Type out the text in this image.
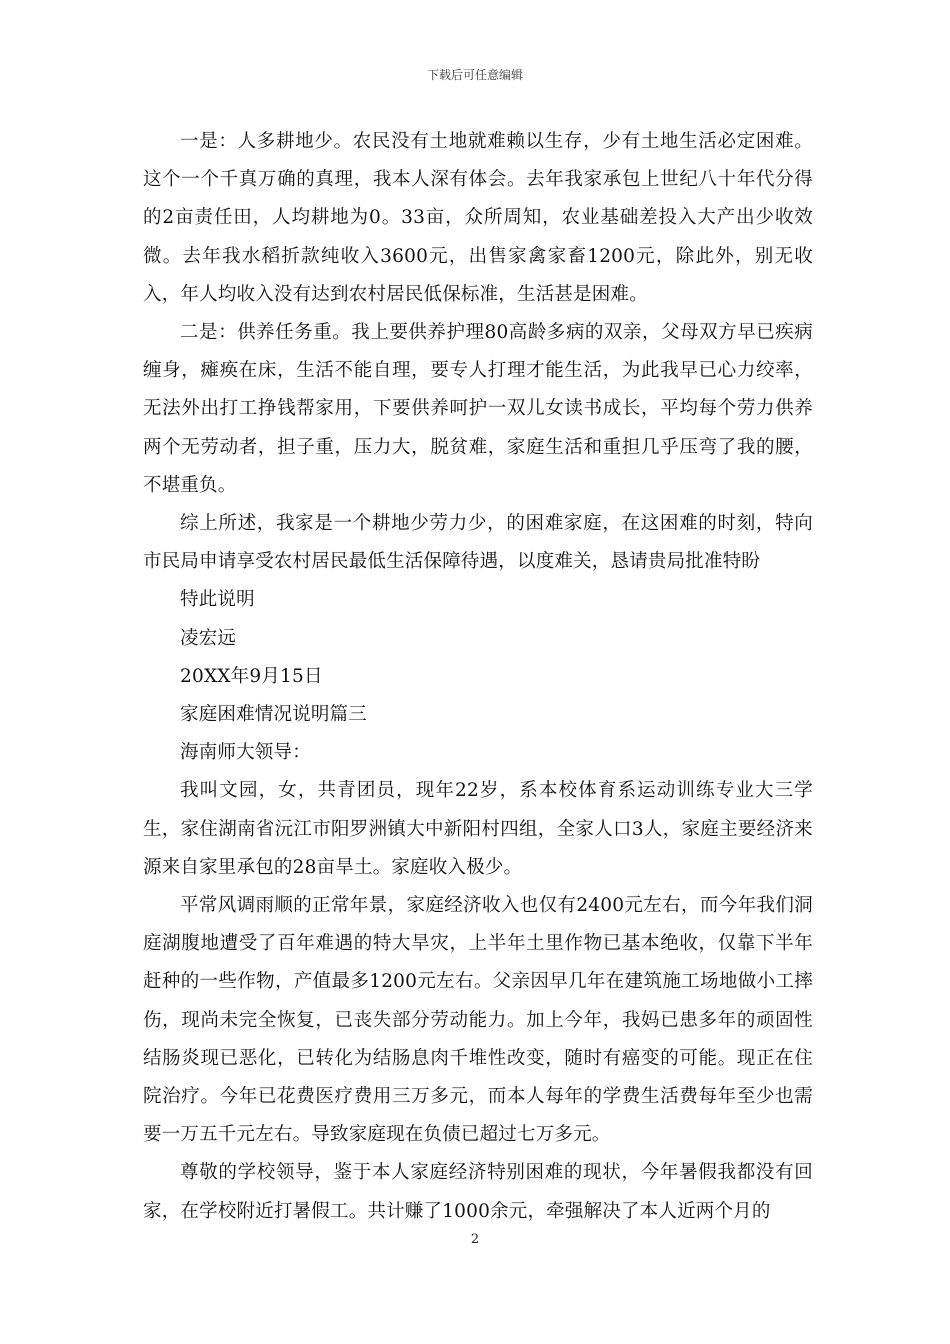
下载后可任意编辑

一是：人多耕地少。农民没有土地就难赖以生存，少有土地生活必定困难。这个一个千真万确的真理，我本人深有体会。去年我家承包上世纪八十年代分得的2亩责任田，人均耕地为0。33亩，众所周知，农业基础差投入大产出少收效微。去年我水稻折款纯收入3600元，出售家禽家畜1200元，除此外，别无收入，年人均收入没有达到农村居民低保标准，生活甚是困难。

二是：供养任务重。我上要供养护理80高龄多病的双亲，父母双方早已疾病缠身，瘫痪在床，生活不能自理，要专人打理才能生活，为此我早已心力绞率，无法外出打工挣钱帮家用，下要供养呵护一双儿女读书成长，平均每个劳力供养两个无劳动者，担子重，压力大，脱贫难，家庭生活和重担几乎压弯了我的腰，不堪重负。

综上所述，我家是一个耕地少劳力少，的困难家庭，在这困难的时刻，特向市民局申请享受农村居民最低生活保障待遇，以度难关，恳请贵局批准特盼

特此说明

凌宏远

20XX年9月15日

家庭困难情况说明篇三

海南师大领导：

我叫文园，女，共青团员，现年22岁，系本校体育系运动训练专业大三学生，家住湖南省沅江市阳罗洲镇大中新阳村四组，全家人口3人，家庭主要经济来源来自家里承包的28亩旱土。家庭收入极少。

平常风调雨顺的正常年景，家庭经济收入也仅有2400元左右，而今年我们洞庭湖腹地遭受了百年难遇的特大旱灾，上半年土里作物已基本绝收，仅靠下半年赶种的一些作物，产值最多1200元左右。父亲因早几年在建筑施工场地做小工摔伤，现尚未完全恢复，已丧失部分劳动能力。加上今年，我妈已患多年的顽固性结肠炎现已恶化，已转化为结肠息肉千堆性改变，随时有癌变的可能。现正在住院治疗。今年已花费医疗费用三万多元，而本人每年的学费生活费每年至少也需要一万五千元左右。导致家庭现在负债已超过七万多元。

尊敬的学校领导，鉴于本人家庭经济特别困难的现状，今年暑假我都没有回家，在学校附近打暑假工。共计赚了1000余元，牵强解决了本人近两个月的

2
